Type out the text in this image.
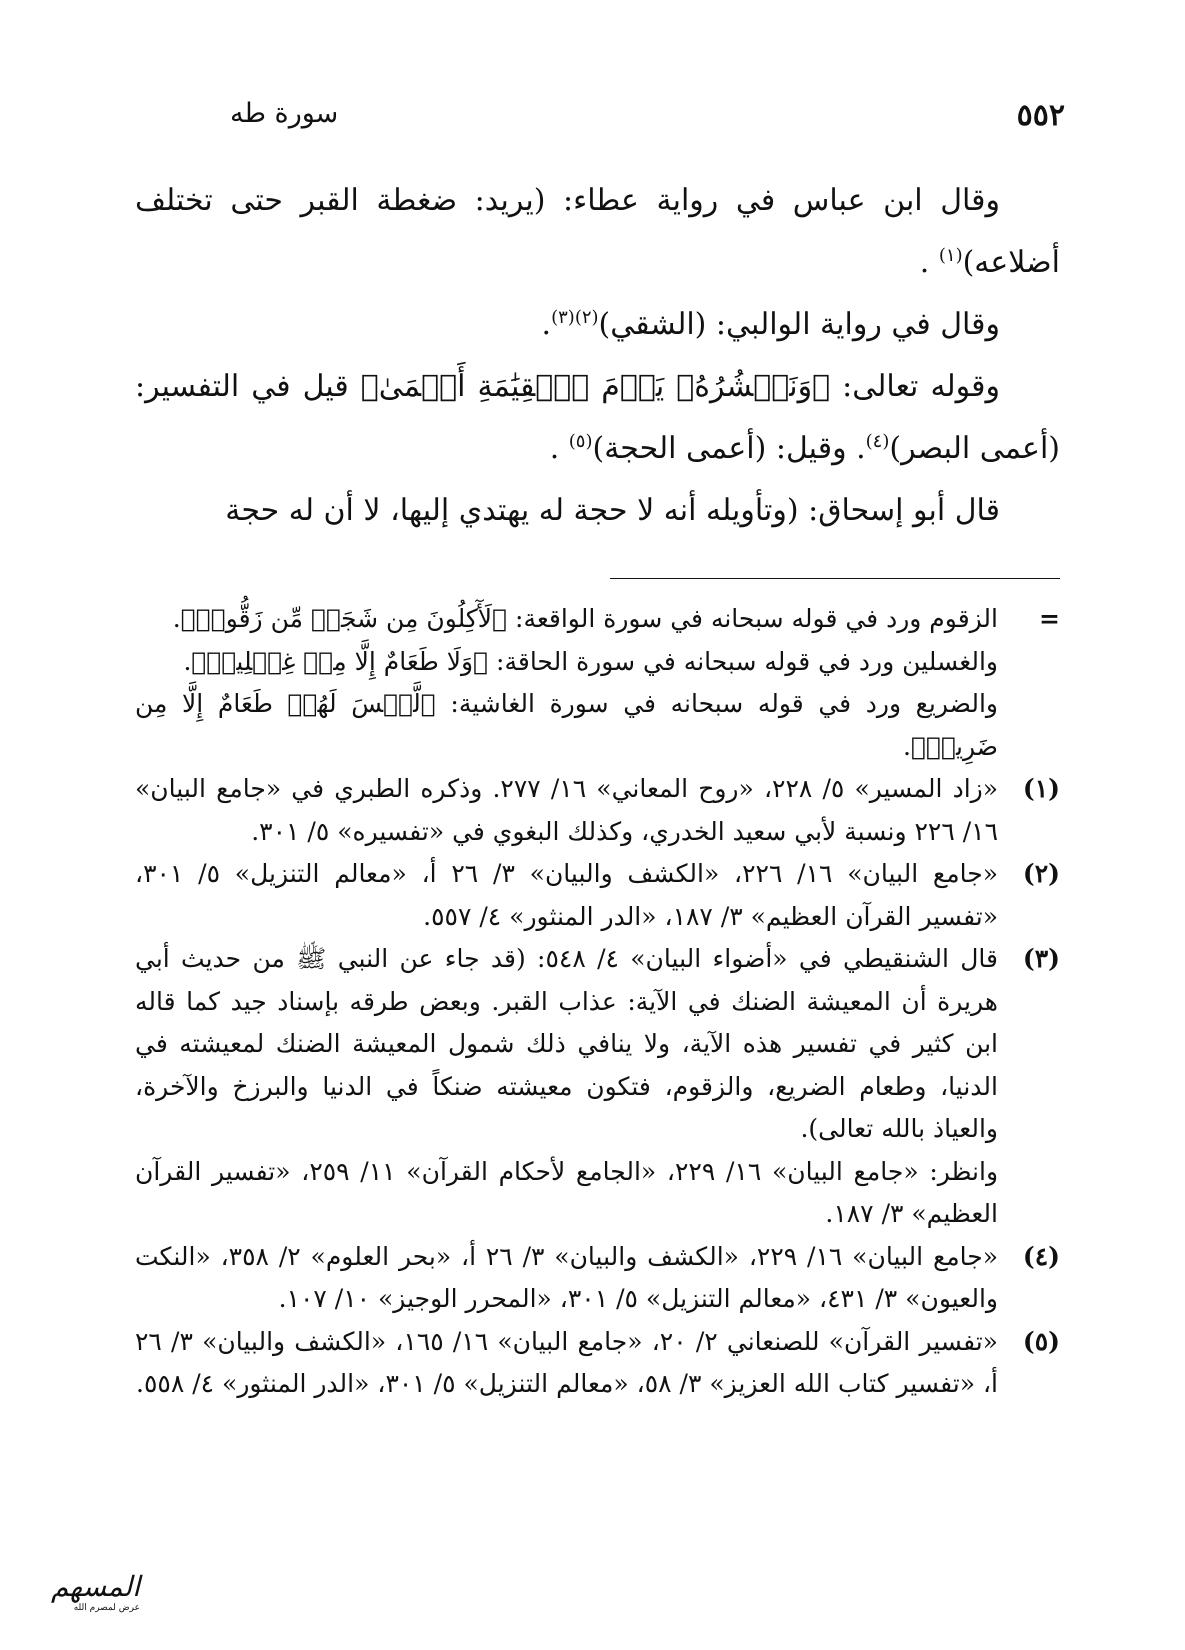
٥٥٢
سورة طه

وقال ابن عباس في رواية عطاء: (يريد: ضغطة القبر حتى تختلف أضلاعه)$^{(١)}$ .

وقال في رواية الوالبي: (الشقي)$^{(٢)(٣)}$.

وقوله تعالى: ﴿وَنَحۡشُرُهُۥ يَوۡمَ ٱلۡقِيَٰمَةِ أَعۡمَىٰ﴾ قيل في التفسير: (أعمى البصر)$^{(٤)}$. وقيل: (أعمى الحجة)$^{(٥)}$ .

قال أبو إسحاق: (وتأويله أنه لا حجة له يهتدي إليها، لا أن له حجة

=

الزقوم ورد في قوله سبحانه في سورة الواقعة: ﴿لَأٓكِلُونَ مِن شَجَرٖ مِّن زَقُّومٖ﴾.

والغسلين ورد في قوله سبحانه في سورة الحاقة: ﴿وَلَا طَعَامٌ إِلَّا مِنۡ غِسۡلِينٖ﴾.

والضريع ورد في قوله سبحانه في سورة الغاشية: ﴿لَّيۡسَ لَهُمۡ طَعَامٌ إِلَّا مِن ضَرِيعٖ﴾.

(١)

«زاد المسير» ٥/ ٢٢٨، «روح المعاني» ١٦/ ٢٧٧. وذكره الطبري في «جامع البيان» ١٦/ ٢٢٦ ونسبة لأبي سعيد الخدري، وكذلك البغوي في «تفسيره» ٥/ ٣٠١.

(٢)

«جامع البيان» ١٦/ ٢٢٦، «الكشف والبيان» ٣/ ٢٦ أ، «معالم التنزيل» ٥/ ٣٠١، «تفسير القرآن العظيم» ٣/ ١٨٧، «الدر المنثور» ٤/ ٥٥٧.

(٣)

قال الشنقيطي في «أضواء البيان» ٤/ ٥٤٨: (قد جاء عن النبي ﷺ من حديث أبي هريرة أن المعيشة الضنك في الآية: عذاب القبر. وبعض طرقه بإسناد جيد كما قاله ابن كثير في تفسير هذه الآية، ولا ينافي ذلك شمول المعيشة الضنك لمعيشته في الدنيا، وطعام الضريع، والزقوم، فتكون معيشته ضنكاً في الدنيا والبرزخ والآخرة، والعياذ بالله تعالى).

وانظر: «جامع البيان» ١٦/ ٢٢٩، «الجامع لأحكام القرآن» ١١/ ٢٥٩، «تفسير القرآن العظيم» ٣/ ١٨٧.

(٤)

«جامع البيان» ١٦/ ٢٢٩، «الكشف والبيان» ٣/ ٢٦ أ، «بحر العلوم» ٢/ ٣٥٨، «النكت والعيون» ٣/ ٤٣١، «معالم التنزيل» ٥/ ٣٠١، «المحرر الوجيز» ١٠/ ١٠٧.

(٥)

«تفسير القرآن» للصنعاني ٢/ ٢٠، «جامع البيان» ١٦/ ١٦٥، «الكشف والبيان» ٣/ ٢٦ أ، «تفسير كتاب الله العزيز» ٣/ ٥٨، «معالم التنزيل» ٥/ ٣٠١، «الدر المنثور» ٤/ ٥٥٨.

المسهم
عرض لمصرم الله
